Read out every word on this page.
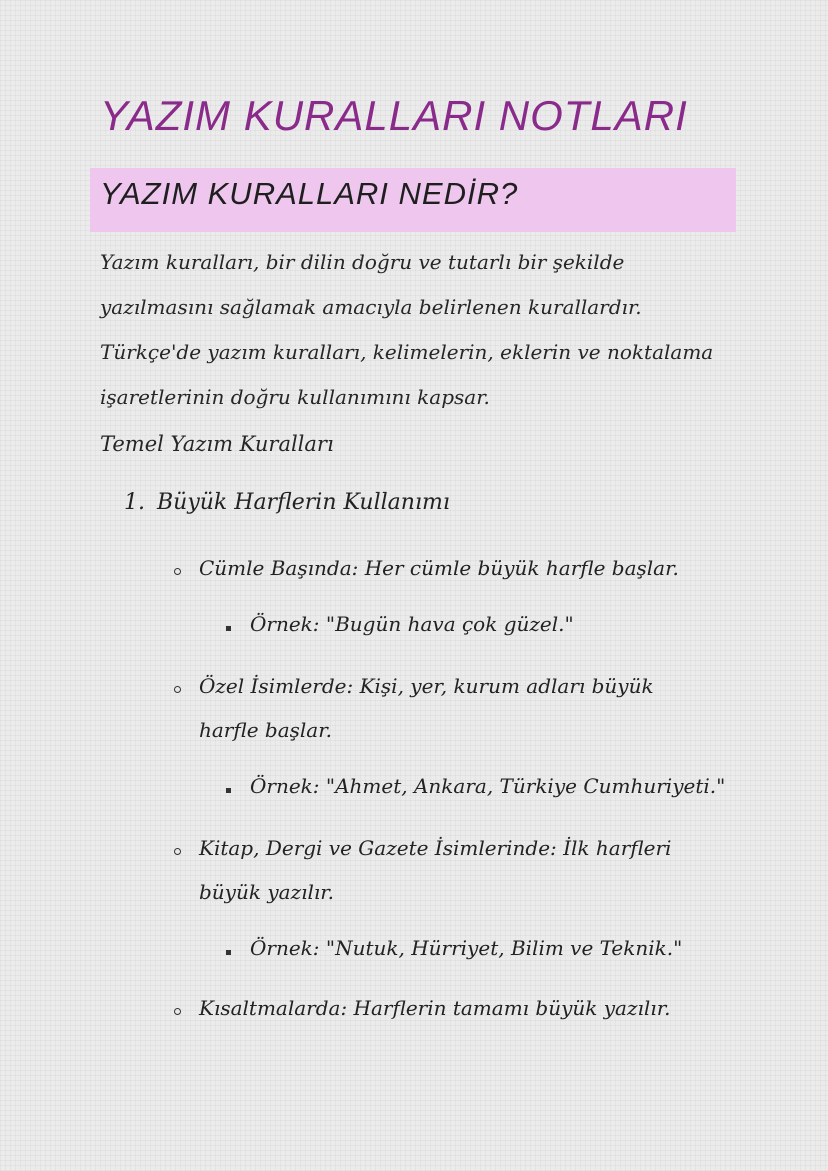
YAZIM KURALLARI NOTLARI
YAZIM KURALLARI NEDİR?
Yazım kuralları, bir dilin doğru ve tutarlı bir şekilde yazılmasını sağlamak amacıyla belirlenen kurallardır. Türkçe'de yazım kuralları, kelimelerin, eklerin ve noktalama işaretlerinin doğru kullanımını kapsar.
Temel Yazım Kuralları
1. Büyük Harflerin Kullanımı
Cümle Başında: Her cümle büyük harfle başlar.
Örnek: "Bugün hava çok güzel."
Özel İsimlerde: Kişi, yer, kurum adları büyük harfle başlar.
Örnek: "Ahmet, Ankara, Türkiye Cumhuriyeti."
Kitap, Dergi ve Gazete İsimlerinde: İlk harfleri büyük yazılır.
Örnek: "Nutuk, Hürriyet, Bilim ve Teknik."
Kısaltmalarda: Harflerin tamamı büyük yazılır.
